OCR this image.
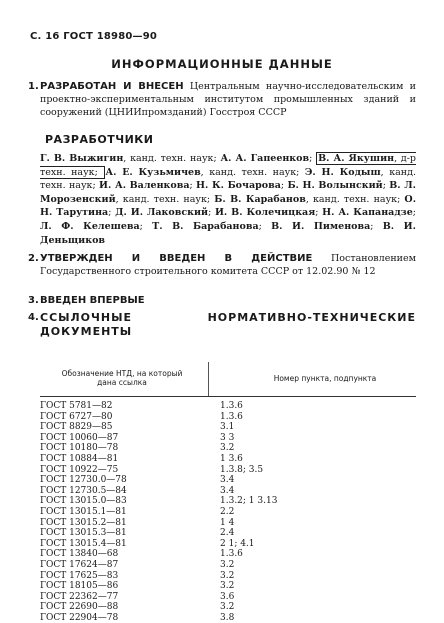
С. 16 ГОСТ 18980—90
ИНФОРМАЦИОННЫЕ ДАННЫЕ
1. РАЗРАБОТАН И ВНЕСЕН Центральным научно-исследовательским и проектно-экспериментальным институтом промышленных зданий и сооружений (ЦНИИпромзданий) Госстроя СССР
РАЗРАБОТЧИКИ
Г. В. Выжигин, канд. техн. наук; А. А. Гапеенков; В. А. Якушин, д-р техн. наук; А. Е. Кузьмичев, канд. техн. наук; Э. Н. Кодыш, канд. техн. наук; И. А. Валенкова; Н. К. Бочарова; Б. Н. Волынский; В. Л. Морозенский, канд. техн. наук; Б. В. Карабанов, канд. техн. наук; О. Н. Тарутина; Д. И. Лаковский; И. В. Колечицкая; Н. А. Капанадзе; Л. Ф. Келешева; Т. В. Барабанова; В. И. Пименова; В. И. Деньщиков
2. УТВЕРЖДЕН И ВВЕДЕН В ДЕЙСТВИЕ Постановлением Государственного строительного комитета СССР от 12.02.90 № 12
3. ВВЕДЕН ВПЕРВЫЕ
4. ССЫЛОЧНЫЕ НОРМАТИВНО-ТЕХНИЧЕСКИЕ ДОКУМЕНТЫ
Обозначение НТД, на который дана ссылка	Номер пункта, подпункта
ГОСТ 5781—82	1.3.6
ГОСТ 6727—80	1.3.6
ГОСТ 8829—85	3.1
ГОСТ 10060—87	3 3
ГОСТ 10180—78	3.2
ГОСТ 10884—81	1 3.6
ГОСТ 10922—75	1.3.8; 3.5
ГОСТ 12730.0—78	3.4
ГОСТ 12730.5—84	3.4
ГОСТ 13015.0—83	1.3.2; 1 3.13
ГОСТ 13015.1—81	2.2
ГОСТ 13015.2—81	1 4
ГОСТ 13015.3—81	2.4
ГОСТ 13015.4—81	2 1; 4.1
ГОСТ 13840—68	1.3.6
ГОСТ 17624—87	3.2
ГОСТ 17625—83	3.2
ГОСТ 18105—86	3.2
ГОСТ 22362—77	3.6
ГОСТ 22690—88	3.2
ГОСТ 22904—78	3.8
